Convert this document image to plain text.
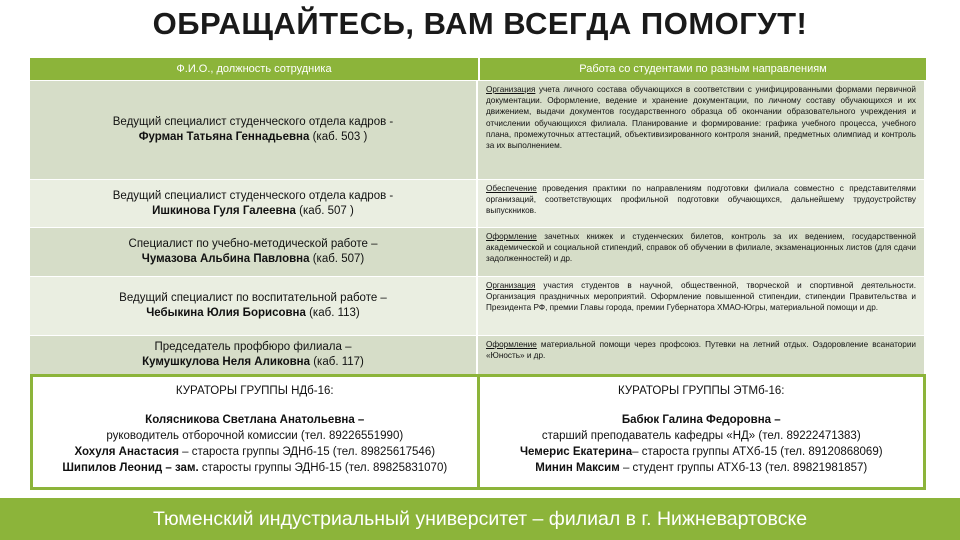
ОБРАЩАЙТЕСЬ, ВАМ ВСЕГДА ПОМОГУТ!
Ф.И.О., должность сотрудника	Работа со студентами по разным направлениям
Ведущий специалист студенческого отдела кадров -
Фурман Татьяна Геннадьевна (каб. 503 )
Организация учета личного состава обучающихся в соответствии с унифицированными формами первичной документации. Оформление, ведение и хранение документации, по личному составу обучающихся и их движением, выдачи документов государственного образца об окончании образовательного учреждения и отчислении обучающихся филиала. Планирование и формирование: графика учебного процесса, учебного плана, промежуточных аттестаций, объективизированного контроля знаний, предметных олимпиад и контроль за их выполнением.
Ведущий специалист студенческого отдела кадров -
Ишкинова Гуля Галеевна (каб. 507 )
Обеспечение проведения практики по направлениям подготовки филиала совместно с представителями организаций, соответствующих профильной подготовки обучающихся, дальнейшему трудоустройству выпускников.
Специалист по учебно-методической работе –
Чумазова Альбина Павловна (каб. 507)
Оформление зачетных книжек и студенческих билетов, контроль за их ведением, государственной академической и социальной стипендий, справок об обучении в филиале, экзаменационных листов (для сдачи задолженностей) и др.
Ведущий специалист по воспитательной работе –
Чебыкина Юлия Борисовна (каб. 113)
Организация участия студентов в научной, общественной, творческой и спортивной деятельности. Организация праздничных мероприятий. Оформление повышенной стипендии, стипендии Правительства и Президента РФ, премии Главы города, премии Губернатора ХМАО-Югры, материальной помощи и др.
Председатель профбюро филиала –
Кумушкулова Неля Аликовна (каб. 117)
Оформление материальной помощи через профсоюз. Путевки на летний отдых. Оздоровление всанатории «Юность» и др.
КУРАТОРЫ ГРУППЫ НДб-16:
Колясникова Светлана Анатольевна –
руководитель отборочной комиссии (тел. 89226551990)
Хохуля Анастасия – староста группы ЭДНб-15 (тел. 89825617546)
Шипилов Леонид – зам. старосты группы ЭДНб-15 (тел. 89825831070)
КУРАТОРЫ ГРУППЫ ЭТМб-16:
Бабюк Галина Федоровна –
старший преподаватель кафедры «НД» (тел. 89222471383)
Чемерис Екатерина– староста группы АТХб-15 (тел. 89120868069)
Минин Максим – студент группы АТХб-13 (тел. 89821981857)
Тюменский индустриальный университет – филиал в г. Нижневартовске
